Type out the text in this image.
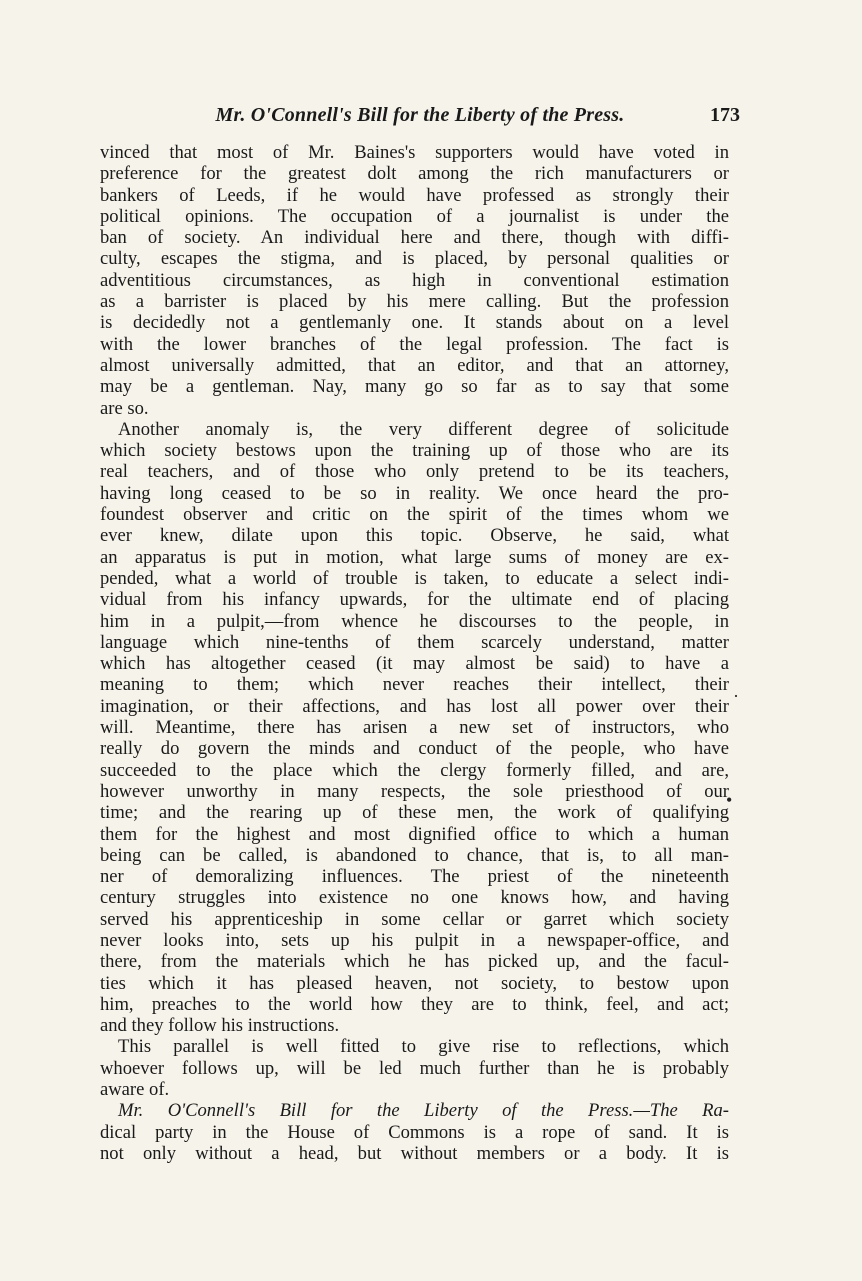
Mr. O'Connell's Bill for the Liberty of the Press.	173
vinced that most of Mr. Baines's supporters would have voted in
preference for the greatest dolt among the rich manufacturers or
bankers of Leeds, if he would have professed as strongly their
political opinions. The occupation of a journalist is under the
ban of society. An individual here and there, though with diffi-
culty, escapes the stigma, and is placed, by personal qualities or
adventitious circumstances, as high in conventional estimation
as a barrister is placed by his mere calling. But the profession
is decidedly not a gentlemanly one. It stands about on a level
with the lower branches of the legal profession. The fact is
almost universally admitted, that an editor, and that an attorney,
may be a gentleman. Nay, many go so far as to say that some
are so.
Another anomaly is, the very different degree of solicitude
which society bestows upon the training up of those who are its
real teachers, and of those who only pretend to be its teachers,
having long ceased to be so in reality. We once heard the pro-
foundest observer and critic on the spirit of the times whom we
ever knew, dilate upon this topic. Observe, he said, what
an apparatus is put in motion, what large sums of money are ex-
pended, what a world of trouble is taken, to educate a select indi-
vidual from his infancy upwards, for the ultimate end of placing
him in a pulpit,—from whence he discourses to the people, in
language which nine-tenths of them scarcely understand, matter
which has altogether ceased (it may almost be said) to have a
meaning to them; which never reaches their intellect, their
imagination, or their affections, and has lost all power over their
will. Meantime, there has arisen a new set of instructors, who
really do govern the minds and conduct of the people, who have
succeeded to the place which the clergy formerly filled, and are,
however unworthy in many respects, the sole priesthood of our
time; and the rearing up of these men, the work of qualifying
them for the highest and most dignified office to which a human
being can be called, is abandoned to chance, that is, to all man-
ner of demoralizing influences. The priest of the nineteenth
century struggles into existence no one knows how, and having
served his apprenticeship in some cellar or garret which society
never looks into, sets up his pulpit in a newspaper-office, and
there, from the materials which he has picked up, and the facul-
ties which it has pleased heaven, not society, to bestow upon
him, preaches to the world how they are to think, feel, and act;
and they follow his instructions.
This parallel is well fitted to give rise to reflections, which
whoever follows up, will be led much further than he is probably
aware of.
Mr. O'Connell's Bill for the Liberty of the Press.—The Ra-
dical party in the House of Commons is a rope of sand. It is
not only without a head, but without members or a body. It is
·
•
